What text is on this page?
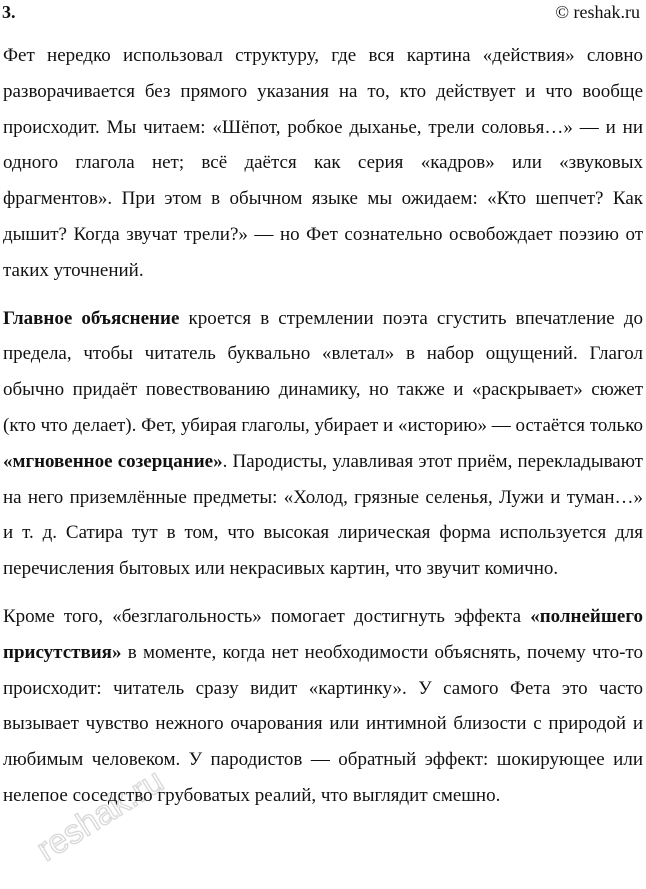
3.	© reshak.ru

Фет нередко использовал структуру, где вся картина «действия» словно разворачивается без прямого указания на то, кто действует и что вообще происходит. Мы читаем: «Шёпот, робкое дыханье, трели соловья…» — и ни одного глагола нет; всё даётся как серия «кадров» или «звуковых фрагментов». При этом в обычном языке мы ожидаем: «Кто шепчет? Как дышит? Когда звучат трели?» — но Фет сознательно освобождает поэзию от таких уточнений.

Главное объяснение кроется в стремлении поэта сгустить впечатление до предела, чтобы читатель буквально «влетал» в набор ощущений. Глагол обычно придаёт повествованию динамику, но также и «раскрывает» сюжет (кто что делает). Фет, убирая глаголы, убирает и «историю» — остаётся только «мгновенное созерцание». Пародисты, улавливая этот приём, перекладывают на него приземлённые предметы: «Холод, грязные селенья, Лужи и туман…» и т. д. Сатира тут в том, что высокая лирическая форма используется для перечисления бытовых или некрасивых картин, что звучит комично.

Кроме того, «безглагольность» помогает достигнуть эффекта «полнейшего присутствия» в моменте, когда нет необходимости объяснять, почему что-то происходит: читатель сразу видит «картинку». У самого Фета это часто вызывает чувство нежного очарования или интимной близости с природой и любимым человеком. У пародистов — обратный эффект: шокирующее или нелепое соседство грубоватых реалий, что выглядит смешно.

reshak.ru
